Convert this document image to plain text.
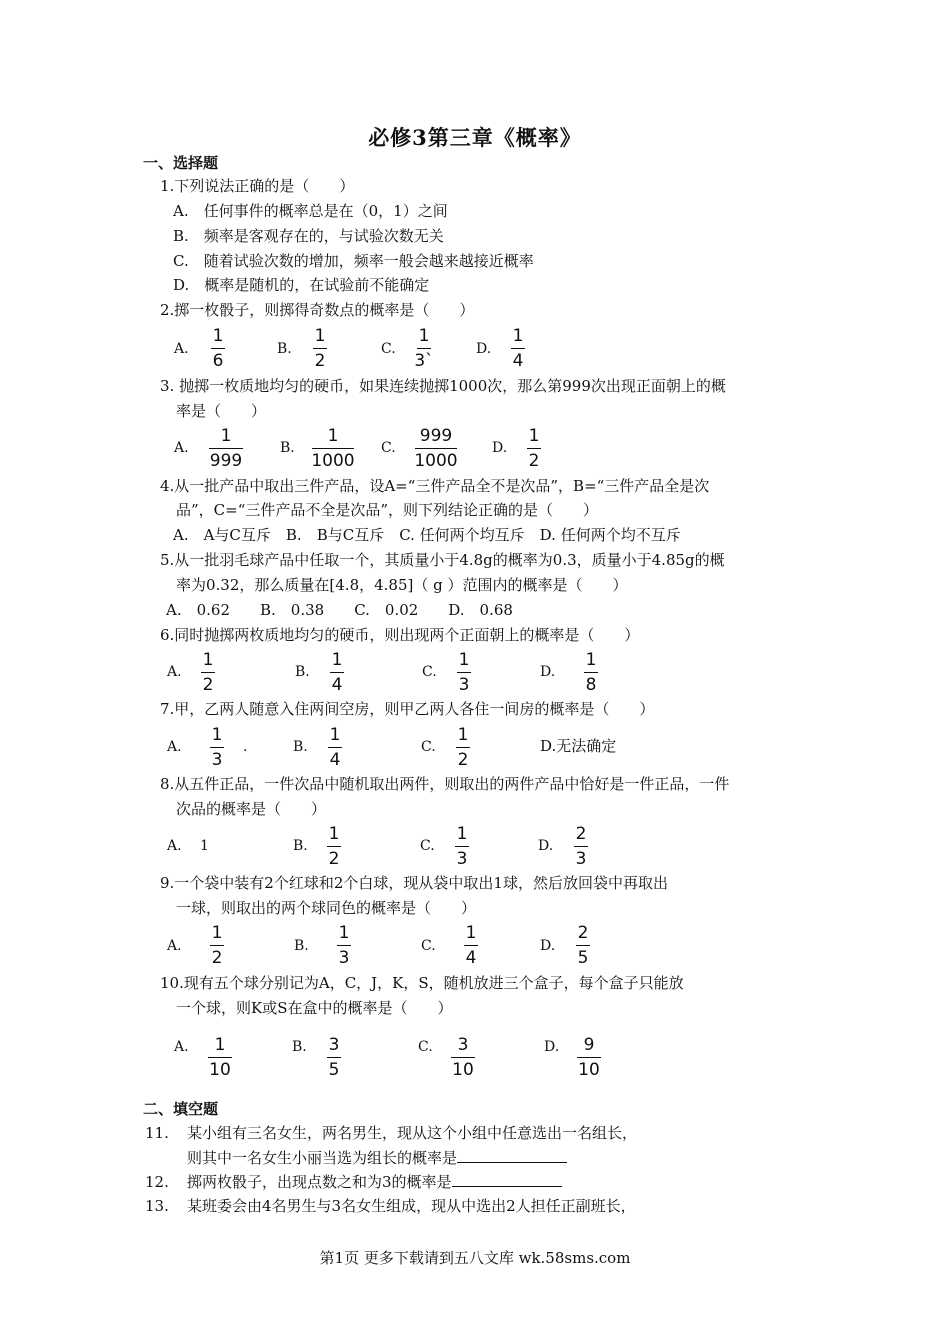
必修3第三章《概率》
一、选择题
1.下列说法正确的是（　　）
A.　任何事件的概率总是在（0，1）之间
B.　频率是客观存在的，与试验次数无关
C.　随着试验次数的增加，频率一般会越来越接近概率
D.　概率是随机的，在试验前不能确定
2.掷一枚骰子，则掷得奇数点的概率是（　　）
A.
1
6
B.
1
2
C.
1
3`
D.
1
4
3. 抛掷一枚质地均匀的硬币，如果连续抛掷1000次，那么第999次出现正面朝上的概
率是（　　）
A.
1
999
B.
1
1000
C.
999
1000
D.
1
2
4.从一批产品中取出三件产品，设A=“三件产品全不是次品”，B=“三件产品全是次
品”，C=“三件产品不全是次品”，则下列结论正确的是（　　）
A.　A与C互斥　B.　B与C互斥　C. 任何两个均互斥　D. 任何两个均不互斥
5.从一批羽毛球产品中任取一个，其质量小于4.8g的概率为0.3，质量小于4.85g的概
率为0.32，那么质量在[4.8，4.85]（ g ）范围内的概率是（　　）
A.　0.62　　B.　0.38　　C.　0.02　　D.　0.68
6.同时抛掷两枚质地均匀的硬币，则出现两个正面朝上的概率是（　　）
A.
1
2
B.
1
4
C.
1
3
D.
1
8
7.甲，乙两人随意入住两间空房，则甲乙两人各住一间房的概率是（　　）
A.
1
3
.	B.
1
4
C.
1
2
D.无法确定
8.从五件正品，一件次品中随机取出两件，则取出的两件产品中恰好是一件正品，一件
次品的概率是（　　）
A. 1	B.
1
2
C.
1
3
D.
2
3
9.一个袋中装有2个红球和2个白球，现从袋中取出1球，然后放回袋中再取出
一球，则取出的两个球同色的概率是（　　）
A.
1
2
B.
1
3
C.
1
4
D.
2
5
10.现有五个球分别记为A，C，J，K，S，随机放进三个盒子，每个盒子只能放
一个球，则K或S在盒中的概率是（　　）
A.	1
10
B.	3
5
C.	3
10
D.	9
10
二、填空题
11. 某小组有三名女生，两名男生，现从这个小组中任意选出一名组长，
则其中一名女生小丽当选为组长的概率是
12. 掷两枚骰子，出现点数之和为3的概率是
13. 某班委会由4名男生与3名女生组成，现从中选出2人担任正副班长，
第1页 更多下载请到五八文库 wk.58sms.com
